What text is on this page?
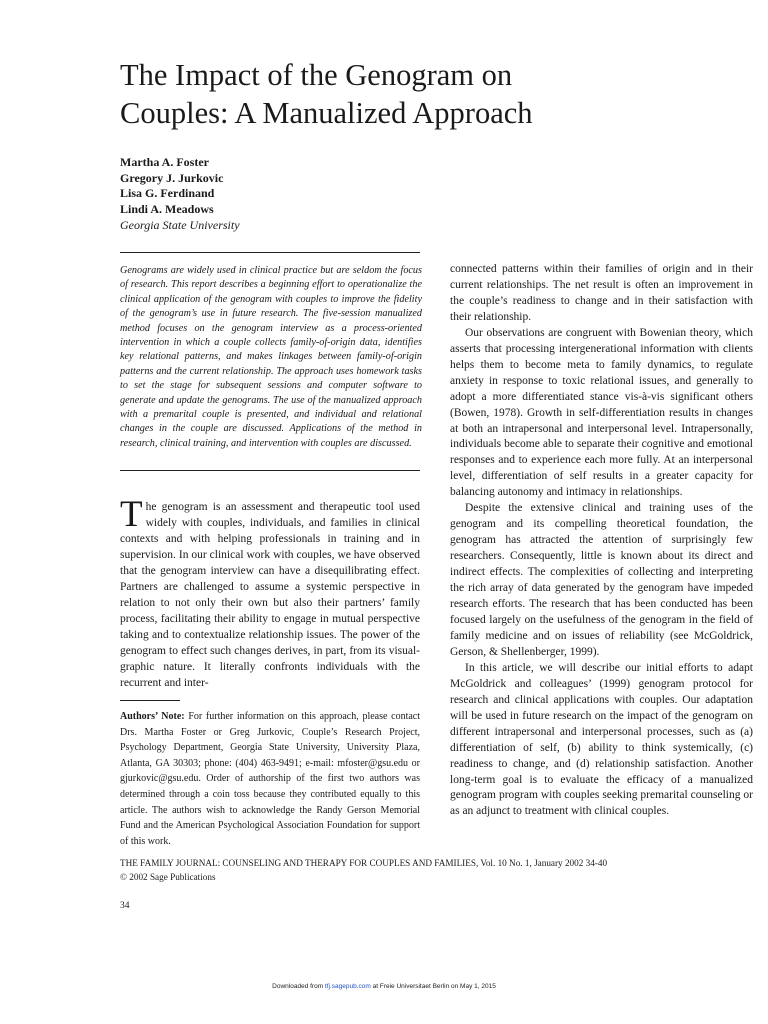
The Impact of the Genogram on
Couples: A Manualized Approach
Martha A. Foster
Gregory J. Jurkovic
Lisa G. Ferdinand
Lindi A. Meadows
Georgia State University

Genograms are widely used in clinical practice but are seldom the focus of research. This report describes a beginning effort to operationalize the clinical application of the genogram with couples to improve the fidelity of the genogram’s use in future research. The five-session manualized method focuses on the genogram interview as a process-oriented intervention in which a couple collects family-of-origin data, identifies key relational patterns, and makes linkages between family-of-origin patterns and the current relationship. The approach uses homework tasks to set the stage for subsequent sessions and computer software to generate and update the genograms. The use of the manualized approach with a premarital couple is presented, and individual and relational changes in the couple are discussed. Applications of the method in research, clinical training, and intervention with couples are discussed.

The genogram is an assessment and therapeutic tool used widely with couples, individuals, and families in clinical contexts and with helping professionals in training and in supervision. In our clinical work with couples, we have observed that the genogram interview can have a disequilibrating effect. Partners are challenged to assume a systemic perspective in relation to not only their own but also their partners’ family process, facilitating their ability to engage in mutual perspective taking and to contextualize relationship issues. The power of the genogram to effect such changes derives, in part, from its visual-graphic nature. It literally confronts individuals with the recurrent and inter-

Authors’ Note: For further information on this approach, please contact Drs. Martha Foster or Greg Jurkovic, Couple’s Research Project, Psychology Department, Georgia State University, University Plaza, Atlanta, GA 30303; phone: (404) 463-9491; e-mail: mfoster@gsu.edu or gjurkovic@gsu.edu. Order of authorship of the first two authors was determined through a coin toss because they contributed equally to this article. The authors wish to acknowledge the Randy Gerson Memorial Fund and the American Psychological Association Foundation for support of this work.

connected patterns within their families of origin and in their current relationships. The net result is often an improvement in the couple’s readiness to change and in their satisfaction with their relationship.

Our observations are congruent with Bowenian theory, which asserts that processing intergenerational information with clients helps them to become meta to family dynamics, to regulate anxiety in response to toxic relational issues, and generally to adopt a more differentiated stance vis-à-vis significant others (Bowen, 1978). Growth in self-differentiation results in changes at both an intrapersonal and interpersonal level. Intrapersonally, individuals become able to separate their cognitive and emotional responses and to experience each more fully. At an interpersonal level, differentiation of self results in a greater capacity for balancing autonomy and intimacy in relationships.

Despite the extensive clinical and training uses of the genogram and its compelling theoretical foundation, the genogram has attracted the attention of surprisingly few researchers. Consequently, little is known about its direct and indirect effects. The complexities of collecting and interpreting the rich array of data generated by the genogram have impeded research efforts. The research that has been conducted has been focused largely on the usefulness of the genogram in the field of family medicine and on issues of reliability (see McGoldrick, Gerson, & Shellenberger, 1999).

In this article, we will describe our initial efforts to adapt McGoldrick and colleagues’ (1999) genogram protocol for research and clinical applications with couples. Our adaptation will be used in future research on the impact of the genogram on different intrapersonal and interpersonal processes, such as (a) differentiation of self, (b) ability to think systemically, (c) readiness to change, and (d) relationship satisfaction. Another long-term goal is to evaluate the efficacy of a manualized genogram program with couples seeking premarital counseling or as an adjunct to treatment with clinical couples.

THE FAMILY JOURNAL: COUNSELING AND THERAPY FOR COUPLES AND FAMILIES, Vol. 10 No. 1, January 2002 34-40
© 2002 Sage Publications
34
Downloaded from tfj.sagepub.com at Freie Universitaet Berlin on May 1, 2015
